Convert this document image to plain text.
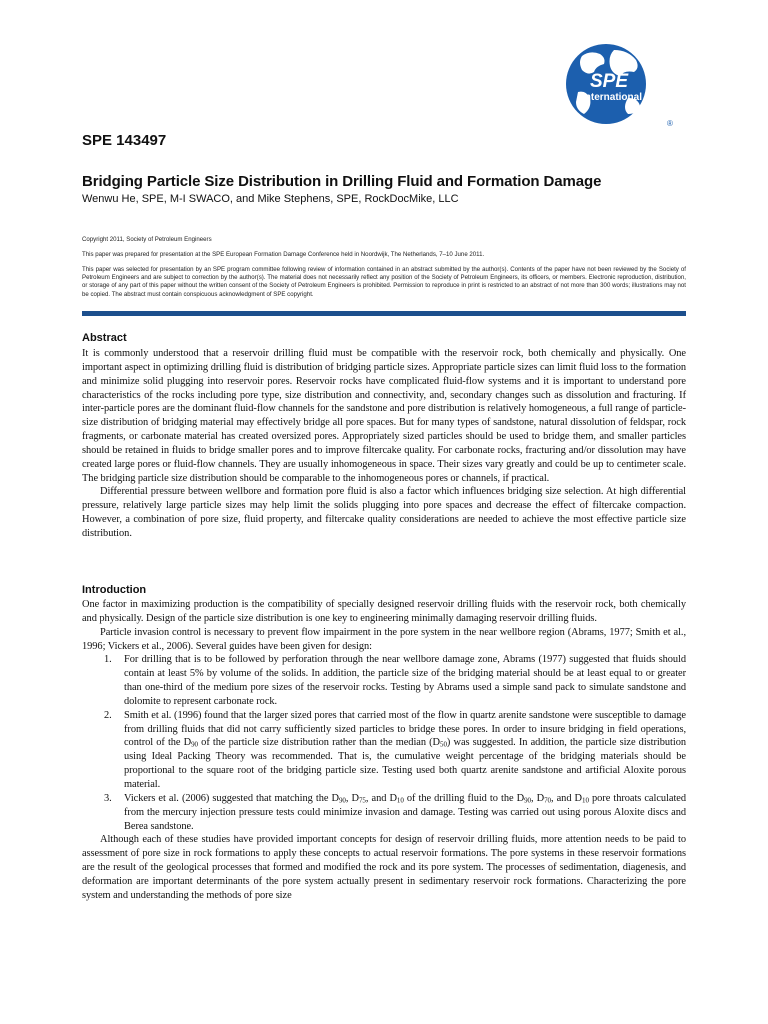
SPE
International
®
SPE 143497
Bridging Particle Size Distribution in Drilling Fluid and Formation Damage
Wenwu He, SPE, M-I SWACO, and Mike Stephens, SPE, RockDocMike, LLC
Copyright 2011, Society of Petroleum Engineers
This paper was prepared for presentation at the SPE European Formation Damage Conference held in Noordwijk, The Netherlands, 7–10 June 2011.
This paper was selected for presentation by an SPE program committee following review of information contained in an abstract submitted by the author(s). Contents of the paper have not been reviewed by the Society of Petroleum Engineers and are subject to correction by the author(s). The material does not necessarily reflect any position of the Society of Petroleum Engineers, its officers, or members. Electronic reproduction, distribution, or storage of any part of this paper without the written consent of the Society of Petroleum Engineers is prohibited. Permission to reproduce in print is restricted to an abstract of not more than 300 words; illustrations may not be copied. The abstract must contain conspicuous acknowledgment of SPE copyright.
Abstract

It is commonly understood that a reservoir drilling fluid must be compatible with the reservoir rock, both chemically and physically. One important aspect in optimizing drilling fluid is distribution of bridging particle sizes. Appropriate particle sizes can limit fluid loss to the formation and minimize solid plugging into reservoir pores. Reservoir rocks have complicated fluid-flow systems and it is important to understand pore characteristics of the rocks including pore type, size distribution and connectivity, and, secondary changes such as dissolution and fracturing. If inter-particle pores are the dominant fluid-flow channels for the sandstone and pore distribution is relatively homogeneous, a full range of particle-size distribution of bridging material may effectively bridge all pore spaces. But for many types of sandstone, natural dissolution of feldspar, rock fragments, or carbonate material has created oversized pores. Appropriately sized particles should be used to bridge them, and smaller particles should be retained in fluids to bridge smaller pores and to improve filtercake quality. For carbonate rocks, fracturing and/or dissolution may have created large pores or fluid-flow channels. They are usually inhomogeneous in space. Their sizes vary greatly and could be up to centimeter scale. The bridging particle size distribution should be comparable to the inhomogeneous pores or channels, if practical.

Differential pressure between wellbore and formation pore fluid is also a factor which influences bridging size selection. At high differential pressure, relatively large particle sizes may help limit the solids plugging into pore spaces and decrease the effect of filtercake compaction. However, a combination of pore size, fluid property, and filtercake quality considerations are needed to achieve the most effective particle size distribution.

Introduction

One factor in maximizing production is the compatibility of specially designed reservoir drilling fluids with the reservoir rock, both chemically and physically. Design of the particle size distribution is one key to engineering minimally damaging reservoir drilling fluids.

Particle invasion control is necessary to prevent flow impairment in the pore system in the near wellbore region (Abrams, 1977; Smith et al., 1996; Vickers et al., 2006). Several guides have been given for design:

1. For drilling that is to be followed by perforation through the near wellbore damage zone, Abrams (1977) suggested that fluids should contain at least 5% by volume of the solids. In addition, the particle size of the bridging material should be at least equal to or greater than one-third of the medium pore sizes of the reservoir rocks. Testing by Abrams used a simple sand pack to simulate sandstone and dolomite to represent carbonate rock.
2. Smith et al. (1996) found that the larger sized pores that carried most of the flow in quartz arenite sandstone were susceptible to damage from drilling fluids that did not carry sufficiently sized particles to bridge these pores. In order to insure bridging in field operations, control of the $D_{90}$ of the particle size distribution rather than the median $(D_{50})$ was suggested. In addition, the particle size distribution using Ideal Packing Theory was recommended. That is, the cumulative weight percentage of the bridging materials should be proportional to the square root of the bridging particle size. Testing used both quartz arenite sandstone and artificial Aloxite porous material.
3. Vickers et al. (2006) suggested that matching the $D_{90}$, $D_{75}$, and $D_{10}$ of the drilling fluid to the $D_{90}$, $D_{70}$, and $D_{10}$ pore throats calculated from the mercury injection pressure tests could minimize invasion and damage. Testing was carried out using porous Aloxite discs and Berea sandstone.

Although each of these studies have provided important concepts for design of reservoir drilling fluids, more attention needs to be paid to assessment of pore size in rock formations to apply these concepts to actual reservoir formations. The pore systems in these reservoir formations are the result of the geological processes that formed and modified the rock and its pore system. The processes of sedimentation, diagenesis, and deformation are important determinants of the pore system actually present in sedimentary reservoir rock formations. Characterizing the pore system and understanding the methods of pore size
